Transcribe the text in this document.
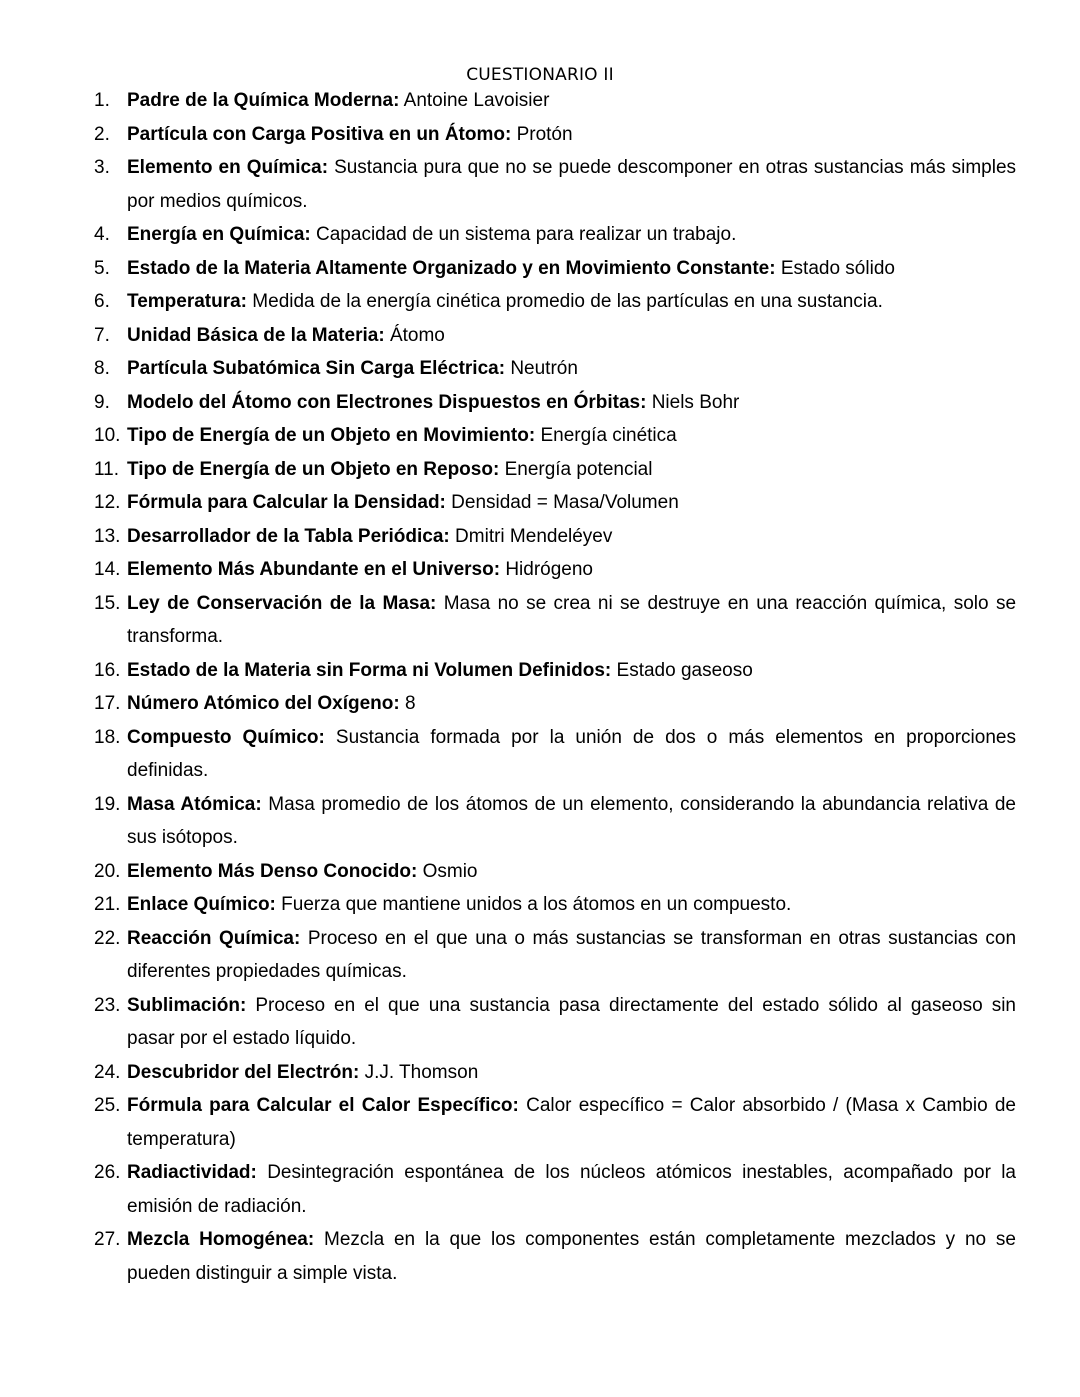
CUESTIONARIO II
1. Padre de la Química Moderna: Antoine Lavoisier
2. Partícula con Carga Positiva en un Átomo: Protón
3. Elemento en Química: Sustancia pura que no se puede descomponer en otras sustancias más simples por medios químicos.
4. Energía en Química: Capacidad de un sistema para realizar un trabajo.
5. Estado de la Materia Altamente Organizado y en Movimiento Constante: Estado sólido
6. Temperatura: Medida de la energía cinética promedio de las partículas en una sustancia.
7. Unidad Básica de la Materia: Átomo
8. Partícula Subatómica Sin Carga Eléctrica: Neutrón
9. Modelo del Átomo con Electrones Dispuestos en Órbitas: Niels Bohr
10. Tipo de Energía de un Objeto en Movimiento: Energía cinética
11. Tipo de Energía de un Objeto en Reposo: Energía potencial
12. Fórmula para Calcular la Densidad: Densidad = Masa/Volumen
13. Desarrollador de la Tabla Periódica: Dmitri Mendeléyev
14. Elemento Más Abundante en el Universo: Hidrógeno
15. Ley de Conservación de la Masa: Masa no se crea ni se destruye en una reacción química, solo se transforma.
16. Estado de la Materia sin Forma ni Volumen Definidos: Estado gaseoso
17. Número Atómico del Oxígeno: 8
18. Compuesto Químico: Sustancia formada por la unión de dos o más elementos en proporciones definidas.
19. Masa Atómica: Masa promedio de los átomos de un elemento, considerando la abundancia relativa de sus isótopos.
20. Elemento Más Denso Conocido: Osmio
21. Enlace Químico: Fuerza que mantiene unidos a los átomos en un compuesto.
22. Reacción Química: Proceso en el que una o más sustancias se transforman en otras sustancias con diferentes propiedades químicas.
23. Sublimación: Proceso en el que una sustancia pasa directamente del estado sólido al gaseoso sin pasar por el estado líquido.
24. Descubridor del Electrón: J.J. Thomson
25. Fórmula para Calcular el Calor Específico: Calor específico = Calor absorbido / (Masa x Cambio de temperatura)
26. Radiactividad: Desintegración espontánea de los núcleos atómicos inestables, acompañado por la emisión de radiación.
27. Mezcla Homogénea: Mezcla en la que los componentes están completamente mezclados y no se pueden distinguir a simple vista.
